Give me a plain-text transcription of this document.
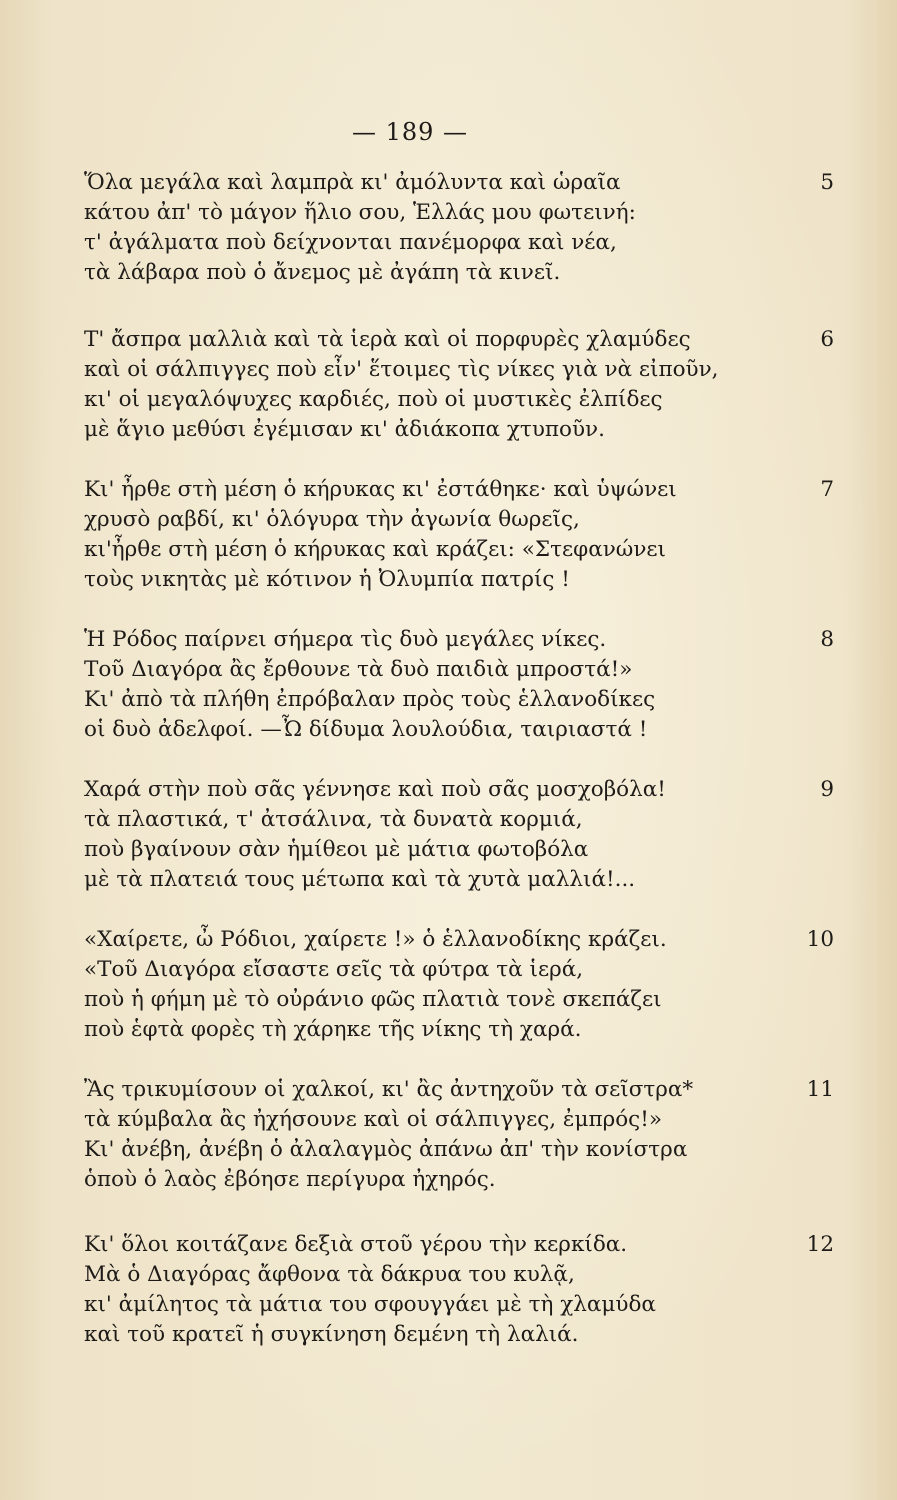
— 189 —
5
Ὅλα μεγάλα καὶ λαμπρὰ κι' ἀμόλυντα καὶ ὡραῖα
κάτου ἀπ' τὸ μάγον ἥλιο σου, Ἑλλάς μου φωτεινή:
τ' ἀγάλματα ποὺ δείχνονται πανέμορφα καὶ νέα,
τὰ λάβαρα ποὺ ὁ ἄνεμος μὲ ἀγάπη τὰ κινεῖ.
6
Τ' ἄσπρα μαλλιὰ καὶ τὰ ἱερὰ καὶ οἱ πορφυρὲς χλαμύδες
καὶ οἱ σάλπιγγες ποὺ εἶν' ἕτοιμες τὶς νίκες γιὰ νὰ εἰποῦν,
κι' οἱ μεγαλόψυχες καρδιές, ποὺ οἱ μυστικὲς ἐλπίδες
μὲ ἅγιο μεθύσι ἐγέμισαν κι' ἀδιάκοπα χτυποῦν.
7
Κι' ἦρθε στὴ μέση ὁ κήρυκας κι' ἐστάθηκε· καὶ ὑψώνει
χρυσὸ ραβδί, κι' ὁλόγυρα τὴν ἀγωνία θωρεῖς,
κι'ἦρθε στὴ μέση ὁ κήρυκας καὶ κράζει: «Στεφανώνει
τοὺς νικητὰς μὲ κότινον ἡ Ὀλυμπία πατρίς !
8
Ἡ Ρόδος παίρνει σήμερα τὶς δυὸ μεγάλες νίκες.
Τοῦ Διαγόρα ἂς ἔρθουνε τὰ δυὸ παιδιὰ μπροστά!»
Κι' ἀπὸ τὰ πλήθη ἐπρόβαλαν πρὸς τοὺς ἑλλανοδίκες
οἱ δυὸ ἀδελφοί. —Ὦ δίδυμα λουλούδια, ταιριαστά !
9
Χαρά στὴν ποὺ σᾶς γέννησε καὶ ποὺ σᾶς μοσχοβόλα!
τὰ πλαστικά, τ' ἀτσάλινα, τὰ δυνατὰ κορμιά,
ποὺ βγαίνουν σὰν ἡμίθεοι μὲ μάτια φωτοβόλα
μὲ τὰ πλατειά τους μέτωπα καὶ τὰ χυτὰ μαλλιά!...
10
«Χαίρετε, ὦ Ρόδιοι, χαίρετε !» ὁ ἑλλανοδίκης κράζει.
«Τοῦ Διαγόρα εἴσαστε σεῖς τὰ φύτρα τὰ ἱερά,
ποὺ ἡ φήμη μὲ τὸ οὐράνιο φῶς πλατιὰ τονὲ σκεπάζει
ποὺ ἑφτὰ φορὲς τὴ χάρηκε τῆς νίκης τὴ χαρά.
11
Ἂς τρικυμίσουν οἱ χαλκοί, κι' ἂς ἀντηχοῦν τὰ σεῖστρα*
τὰ κύμβαλα ἂς ἠχήσουνε καὶ οἱ σάλπιγγες, ἐμπρός!»
Κι' ἀνέβη, ἀνέβη ὁ ἀλαλαγμὸς ἀπάνω ἀπ' τὴν κονίστρα
ὁπoὺ ὁ λαὸς ἐβόησε περίγυρα ἠχηρός.
12
Κι' ὅλοι κοιτάζανε δεξιὰ στοῦ γέρου τὴν κερκίδα.
Μὰ ὁ Διαγόρας ἄφθονα τὰ δάκρυα του κυλᾷ,
κι' ἀμίλητος τὰ μάτια του σφουγγάει μὲ τὴ χλαμύδα
καὶ τοῦ κρατεῖ ἡ συγκίνηση δεμένη τὴ λαλιά.
